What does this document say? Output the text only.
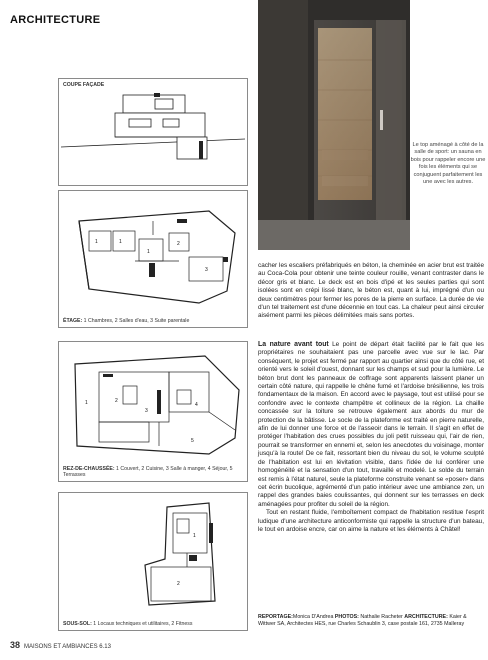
ARCHITECTURE
COUPE FAÇADE
1	1
1
2
3
ÉTAGE: 1 Chambres, 2 Salles d'eau, 3 Suite parentale
1	2
3
4
5
REZ-DE-CHAUSSÉE: 1 Couvert, 2 Cuisine, 3 Salle à manger, 4 Séjour, 5 Terrasses
1
2
SOUS-SOL: 1 Locaux techniques et utilitaires, 2 Fitness
Le top aménagé à côté de la salle de sport: un sauna en bois pour rappeler encore une fois les éléments qui se conjuguent parfaitement les une avec les autres.

cacher les escaliers préfabriqués en béton, la cheminée en acier brut est traitée au Coca-Cola pour obtenir une teinte couleur rouille, venant contraster dans le décor gris et blanc. Le deck est en bois d'ipé et les seules parties qui sont isolées sont en crépi lissé blanc, le béton est, quant à lui, imprégné d'un ou deux centimètres pour fermer les pores de la pierre en surface. La durée de vie d'un tel traitement est d'une décennie en tout cas. La chaleur peut ainsi circuler aisément parmi les pièces délimitées mais sans portes.

La nature avant tout Le point de départ était facilité par le fait que les propriétaires ne souhaitaient pas une parcelle avec vue sur le lac. Par conséquent, le projet est fermé par rapport au quartier ainsi que du côté rue, et orienté vers le soleil d'ouest, donnant sur les champs et sud pour la lumière. Le béton brut dont les panneaux de coffrage sont apparents laissent planer un certain côté nature, qui rappelle le chêne fumé et l'ardoise brésilienne, les trois fondamentaux de la maison. En accord avec le paysage, tout est utilisé pour se confondre avec le contexte champêtre et collineux de la région. La chaille concassée sur la toiture se retrouve également aux abords du mur de protection de la bâtisse. Le socle de la plateforme est traité en pierre naturelle, afin de lui donner une force et de l'asseoir dans le terrain. Il s'agit en effet de protéger l'habitation des crues possibles du joli petit ruisseau qui, l'air de rien, pourrait se transformer en ennemi et, selon les anecdotes du voisinage, monter jusqu'à la route! De ce fait, ressortant bien du niveau du sol, le volume sculpté de l'habitation est lui en lévitation visible, dans l'idée de lui conférer une homogénéité et la sensation d'un tout, travaillé et modelé. Le solde du terrain est remis à l'état naturel, seule la plateforme construite venant se «poser» dans cet écrin bucolique, agrémenté d'un patio intérieur avec une ambiance zen, un rappel des grandes baies coulissantes, qui donnent sur les terrasses en deck aménagées pour profiter du soleil de la région.

Tout en restant fluide, l'emboîtement compact de l'habitation restitue l'esprit ludique d'une architecture anticonformiste qui rappelle la structure d'un bateau, le tout en ardoise encre, car on aime la nature et les éléments à Châtel!

REPORTAGE:Monica D'Andrea PHOTOS: Nathalie Racheter ARCHITECTURE: Kaier & Wittwer SA, Architectes HES, rue Charles Schaublin 3, case postale 161, 2735 Malleray
38 MAISONS ET AMBIANCES 6.13
